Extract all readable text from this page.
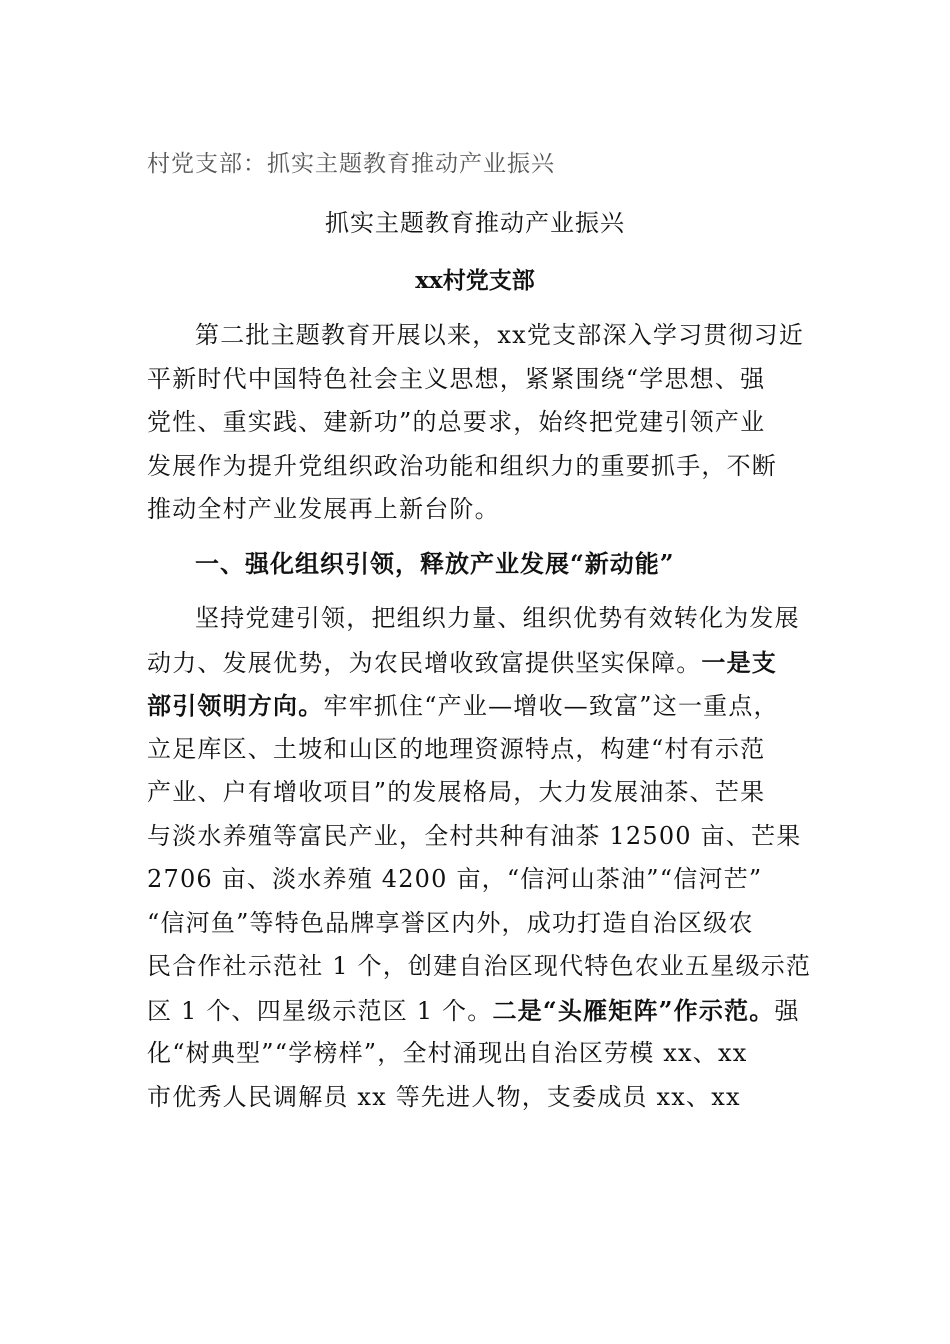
村党支部：抓实主题教育推动产业振兴
抓实主题教育推动产业振兴
xx村党支部
第二批主题教育开展以来，xx党支部深入学习贯彻习近
平新时代中国特色社会主义思想，紧紧围绕“学思想、强
党性、重实践、建新功”的总要求，始终把党建引领产业
发展作为提升党组织政治功能和组织力的重要抓手，不断
推动全村产业发展再上新台阶。
一、强化组织引领，释放产业发展“新动能”
坚持党建引领，把组织力量、组织优势有效转化为发展
动力、发展优势，为农民增收致富提供坚实保障。一是支
部引领明方向。牢牢抓住“产业—增收—致富”这一重点，
立足库区、土坡和山区的地理资源特点，构建“村有示范
产业、户有增收项目”的发展格局，大力发展油茶、芒果
与淡水养殖等富民产业，全村共种有油茶 12500 亩、芒果
2706 亩、淡水养殖 4200 亩，“信河山茶油”“信河芒”
“信河鱼”等特色品牌享誉区内外，成功打造自治区级农
民合作社示范社 1 个，创建自治区现代特色农业五星级示范
区 1 个、四星级示范区 1 个。二是“头雁矩阵”作示范。强
化“树典型”“学榜样”，全村涌现出自治区劳模 xx、xx
市优秀人民调解员 xx 等先进人物，支委成员 xx、xx
